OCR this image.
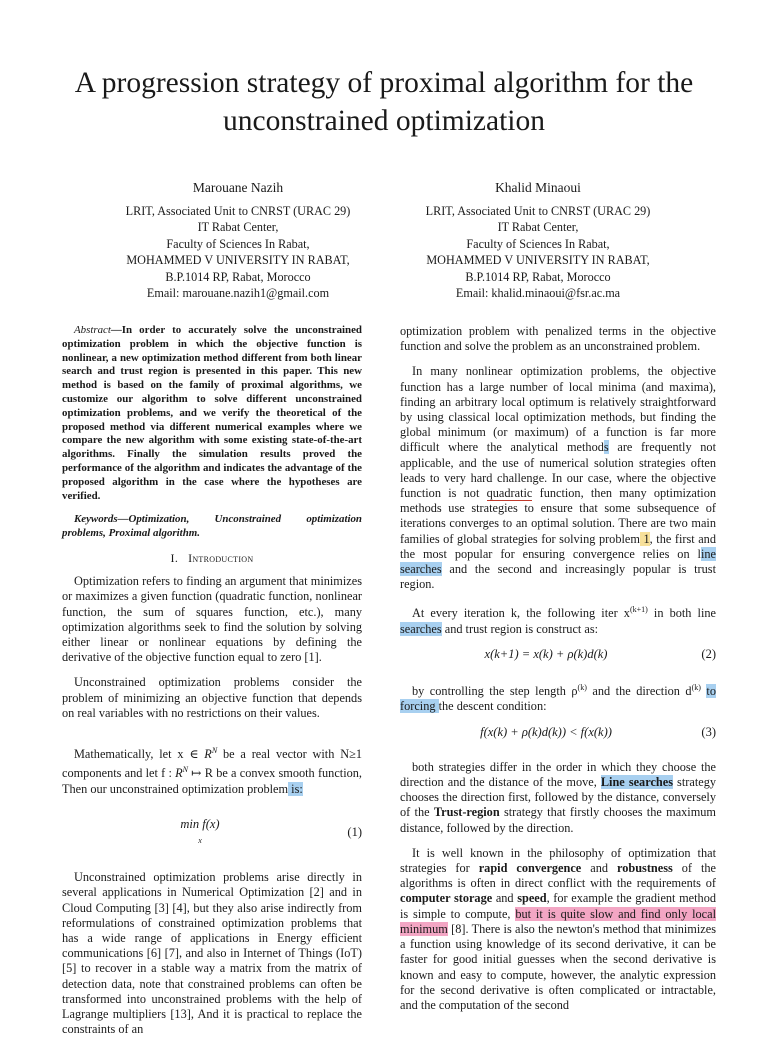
A progression strategy of proximal algorithm for the unconstrained optimization
Marouane Nazih
LRIT, Associated Unit to CNRST (URAC 29)
IT Rabat Center,
Faculty of Sciences In Rabat,
MOHAMMED V UNIVERSITY IN RABAT,
B.P.1014 RP, Rabat, Morocco
Email: marouane.nazih1@gmail.com
Khalid Minaoui
LRIT, Associated Unit to CNRST (URAC 29)
IT Rabat Center,
Faculty of Sciences In Rabat,
MOHAMMED V UNIVERSITY IN RABAT,
B.P.1014 RP, Rabat, Morocco
Email: khalid.minaoui@fsr.ac.ma

Abstract—In order to accurately solve the unconstrained optimization problem in which the objective function is nonlinear, a new optimization method different from both linear search and trust region is presented in this paper. This new method is based on the family of proximal algorithms, we customize our algorithm to solve different unconstrained optimization problems, and we verify the theoretical of the proposed method via different numerical examples where we compare the new algorithm with some existing state-of-the-art algorithms. Finally the simulation results proved the performance of the algorithm and indicates the advantage of the proposed algorithm in the case where the hypotheses are verified.

Keywords—Optimization, Unconstrained optimization problems, Proximal algorithm.

I. Introduction

Optimization refers to finding an argument that minimizes or maximizes a given function (quadratic function, nonlinear function, the sum of squares function, etc.), many optimization algorithms seek to find the solution by solving either linear or nonlinear equations by defining the derivative of the objective function equal to zero [1].

Unconstrained optimization problems consider the problem of minimizing an objective function that depends on real variables with no restrictions on their values.

Mathematically, let x ∈ $R^N$ be a real vector with N≥1 components and let f : $R^N$ ↦ R be a convex smooth function, Then our unconstrained optimization problem is:

min f(x)
x
(1)

Unconstrained optimization problems arise directly in several applications in Numerical Optimization [2] and in Cloud Computing [3] [4], but they also arise indirectly from reformulations of constrained optimization problems that has a wide range of applications in Energy efficient communications [6] [7], and also in Internet of Things (IoT) [5] to recover in a stable way a matrix from the matrix of detection data, note that constrained problems can often be transformed into unconstrained problems with the help of Lagrange multipliers [13], And it is practical to replace the constraints of an

optimization problem with penalized terms in the objective function and solve the problem as an unconstrained problem.

In many nonlinear optimization problems, the objective function has a large number of local minima (and maxima), finding an arbitrary local optimum is relatively straightforward by using classical local optimization methods, but finding the global minimum (or maximum) of a function is far more difficult where the analytical methods are frequently not applicable, and the use of numerical solution strategies often leads to very hard challenge. In our case, where the objective function is not quadratic function, then many optimization methods use strategies to ensure that some subsequence of iterations converges to an optimal solution. There are two main families of global strategies for solving problem 1, the first and the most popular for ensuring convergence relies on line searches and the second and increasingly popular is trust region.

At every iteration k, the following iter $x^{(k+1)}$ in both line searches and trust region is construct as:

x(k+1) = x(k) + ρ(k)d(k)	(2)

by controlling the step length $\rho^{(k)}$ and the direction $d^{(k)}$ to forcing the descent condition:

f(x(k) + ρ(k)d(k)) < f(x(k))	(3)

both strategies differ in the order in which they choose the direction and the distance of the move, Line searches strategy chooses the direction first, followed by the distance, conversely of the Trust-region strategy that firstly chooses the maximum distance, followed by the direction.

It is well known in the philosophy of optimization that strategies for rapid convergence and robustness of the algorithms is often in direct conflict with the requirements of computer storage and speed, for example the gradient method is simple to compute, but it is quite slow and find only local minimum [8]. There is also the newton's method that minimizes a function using knowledge of its second derivative, it can be faster for good initial guesses when the second derivative is known and easy to compute, however, the analytic expression for the second derivative is often complicated or intractable, and the computation of the second
